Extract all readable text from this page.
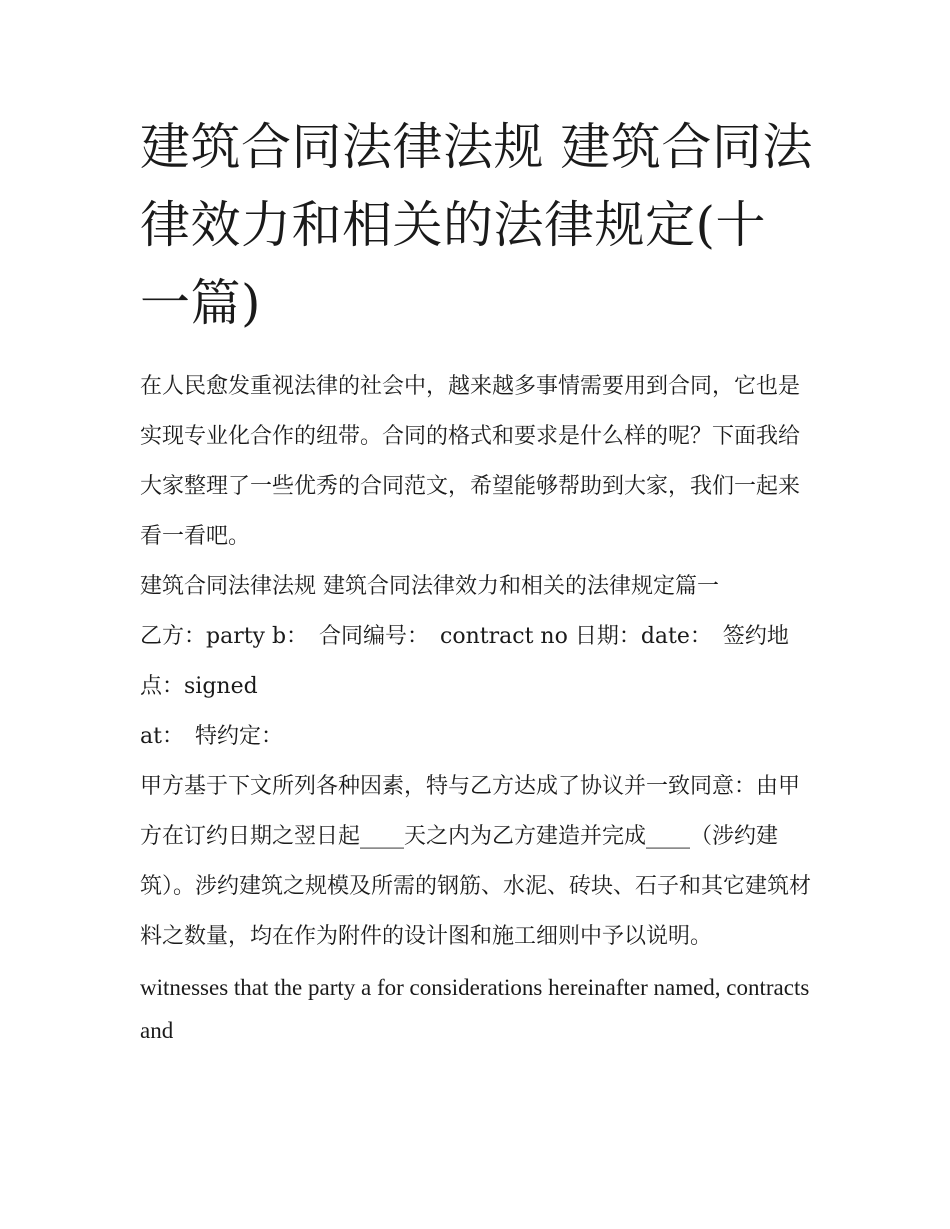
建筑合同法律法规 建筑合同法律效力和相关的法律规定(十一篇)

在人民愈发重视法律的社会中，越来越多事情需要用到合同，它也是实现专业化合作的纽带。合同的格式和要求是什么样的呢？下面我给大家整理了一些优秀的合同范文，希望能够帮助到大家，我们一起来看一看吧。

建筑合同法律法规 建筑合同法律效力和相关的法律规定篇一

乙方：party b：　合同编号：　contract no 日期：date：　签约地点：signed

at：　特约定：

甲方基于下文所列各种因素，特与乙方达成了协议并一致同意：由甲方在订约日期之翌日起____天之内为乙方建造并完成____（涉约建筑）。涉约建筑之规模及所需的钢筋、水泥、砖块、石子和其它建筑材料之数量，均在作为附件的设计图和施工细则中予以说明。

witnesses that the party a for considerations hereinafter named, contracts and
